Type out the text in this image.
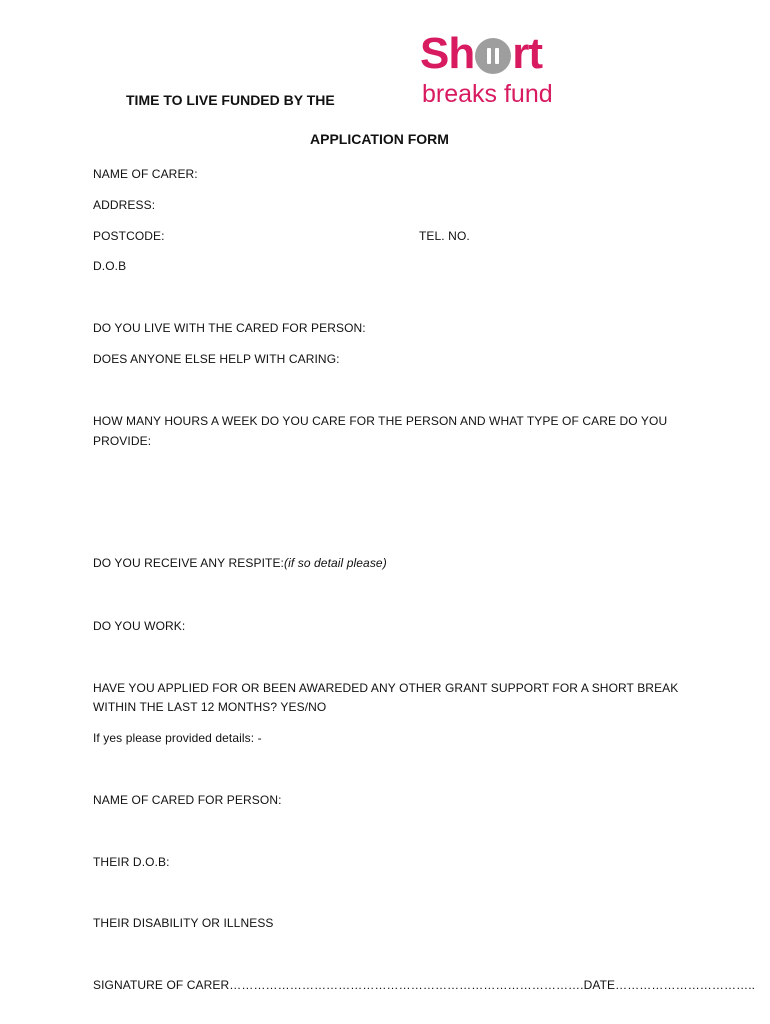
TIME TO LIVE FUNDED BY THE
Sh rt
breaks fund
APPLICATION FORM
NAME OF CARER:
ADDRESS:
POSTCODE:	TEL. NO.
D.O.B
DO YOU LIVE WITH THE CARED FOR PERSON:
DOES ANYONE ELSE HELP WITH CARING:
HOW MANY HOURS A WEEK DO YOU CARE FOR THE PERSON AND WHAT TYPE OF CARE DO YOU
PROVIDE:
DO YOU RECEIVE ANY RESPITE:(if so detail please)
DO YOU WORK:
HAVE YOU APPLIED FOR OR BEEN AWAREDED ANY OTHER GRANT SUPPORT FOR A SHORT BREAK
WITHIN THE LAST 12 MONTHS? YES/NO
If yes please provided details: -
NAME OF CARED FOR PERSON:
THEIR D.O.B:
THEIR DISABILITY OR ILLNESS
SIGNATURE OF CARER…………………………………………………………………………….DATE……………………………..
